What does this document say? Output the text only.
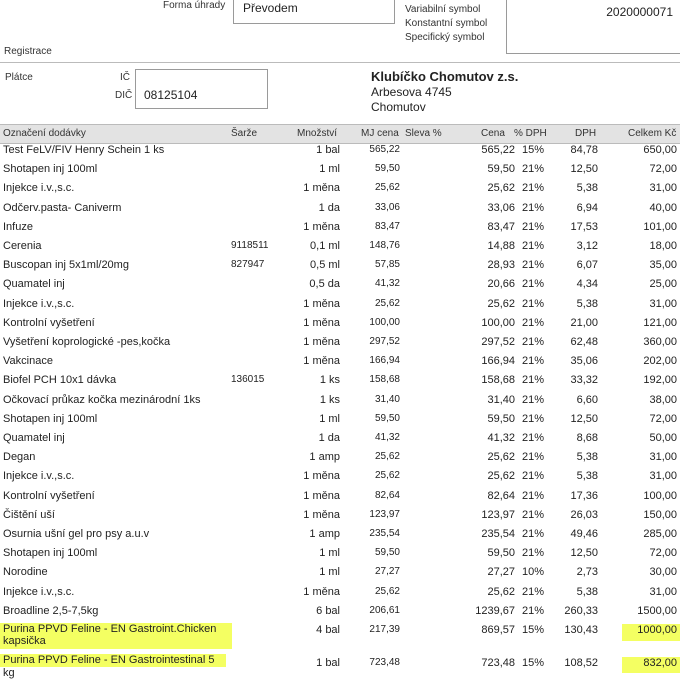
Forma úhrady Převodem	Variabilní symbol
Konstantní symbol
Specifický symbol
2020000071
Registrace
Plátce	IČ
DIČ 08125104
Klubíčko Chomutov z.s.
Arbesova 4745
Chomutov
Označení dodávky	Šarže	Množství MJ cena Sleva %	Cena % DPH	DPH	Celkem Kč
Test FeLV/FIV Henry Schein 1 ks	1 bal	565,22	565,22 15% 84,78	650,00
Shotapen inj 100ml	1 ml	59,50	59,50 21% 12,50	72,00
Injekce i.v.,s.c.	1 měna	25,62	25,62 21%	5,38	31,00
Odčerv.pasta- Caniverm	1 da	33,06	33,06 21%	6,94	40,00
Infuze	1 měna	83,47	83,47 21% 17,53	101,00
Cerenia	9118511	0,1 ml	148,76	14,88 21%	3,12	18,00
Buscopan inj 5x1ml/20mg	827947	0,5 ml	57,85	28,93 21%	6,07	35,00
Quamatel inj	0,5 da	41,32	20,66 21%	4,34	25,00
Injekce i.v.,s.c.	1 měna	25,62	25,62 21%	5,38	31,00
Kontrolní vyšetření	1 měna	100,00	100,00 21% 21,00	121,00
Vyšetření koprologické -pes,kočka	1 měna	297,52	297,52 21% 62,48	360,00
Vakcinace	1 měna	166,94	166,94 21% 35,06	202,00
Biofel PCH 10x1 dávka	136015	1 ks	158,68	158,68 21% 33,32	192,00
Očkovací průkaz kočka mezinárodní 1ks	1 ks	31,40	31,40 21%	6,60	38,00
Shotapen inj 100ml	1 ml	59,50	59,50 21% 12,50	72,00
Quamatel inj	1 da	41,32	41,32 21%	8,68	50,00
Degan	1 amp	25,62	25,62 21%	5,38	31,00
Injekce i.v.,s.c.	1 měna	25,62	25,62 21%	5,38	31,00
Kontrolní vyšetření	1 měna	82,64	82,64 21% 17,36	100,00
Čištění uší	1 měna	123,97	123,97 21% 26,03	150,00
Osurnia ušní gel pro psy a.u.v	1 amp	235,54	235,54 21% 49,46	285,00
Shotapen inj 100ml	1 ml	59,50	59,50 21% 12,50	72,00
Norodine	1 ml	27,27	27,27 10%	2,73	30,00
Injekce i.v.,s.c.	1 měna	25,62	25,62 21%	5,38	31,00
Broadline 2,5-7,5kg	6 bal	206,61	1239,67 21% 260,33	1500,00
Purina PPVD Feline - EN Gastroint.Chicken
kapsička
4 bal	217,39	869,57 15% 130,43	1000,00
Purina PPVD Feline - EN Gastrointestinal 5
kg
1 bal	723,48	723,48 15% 108,52	832,00
